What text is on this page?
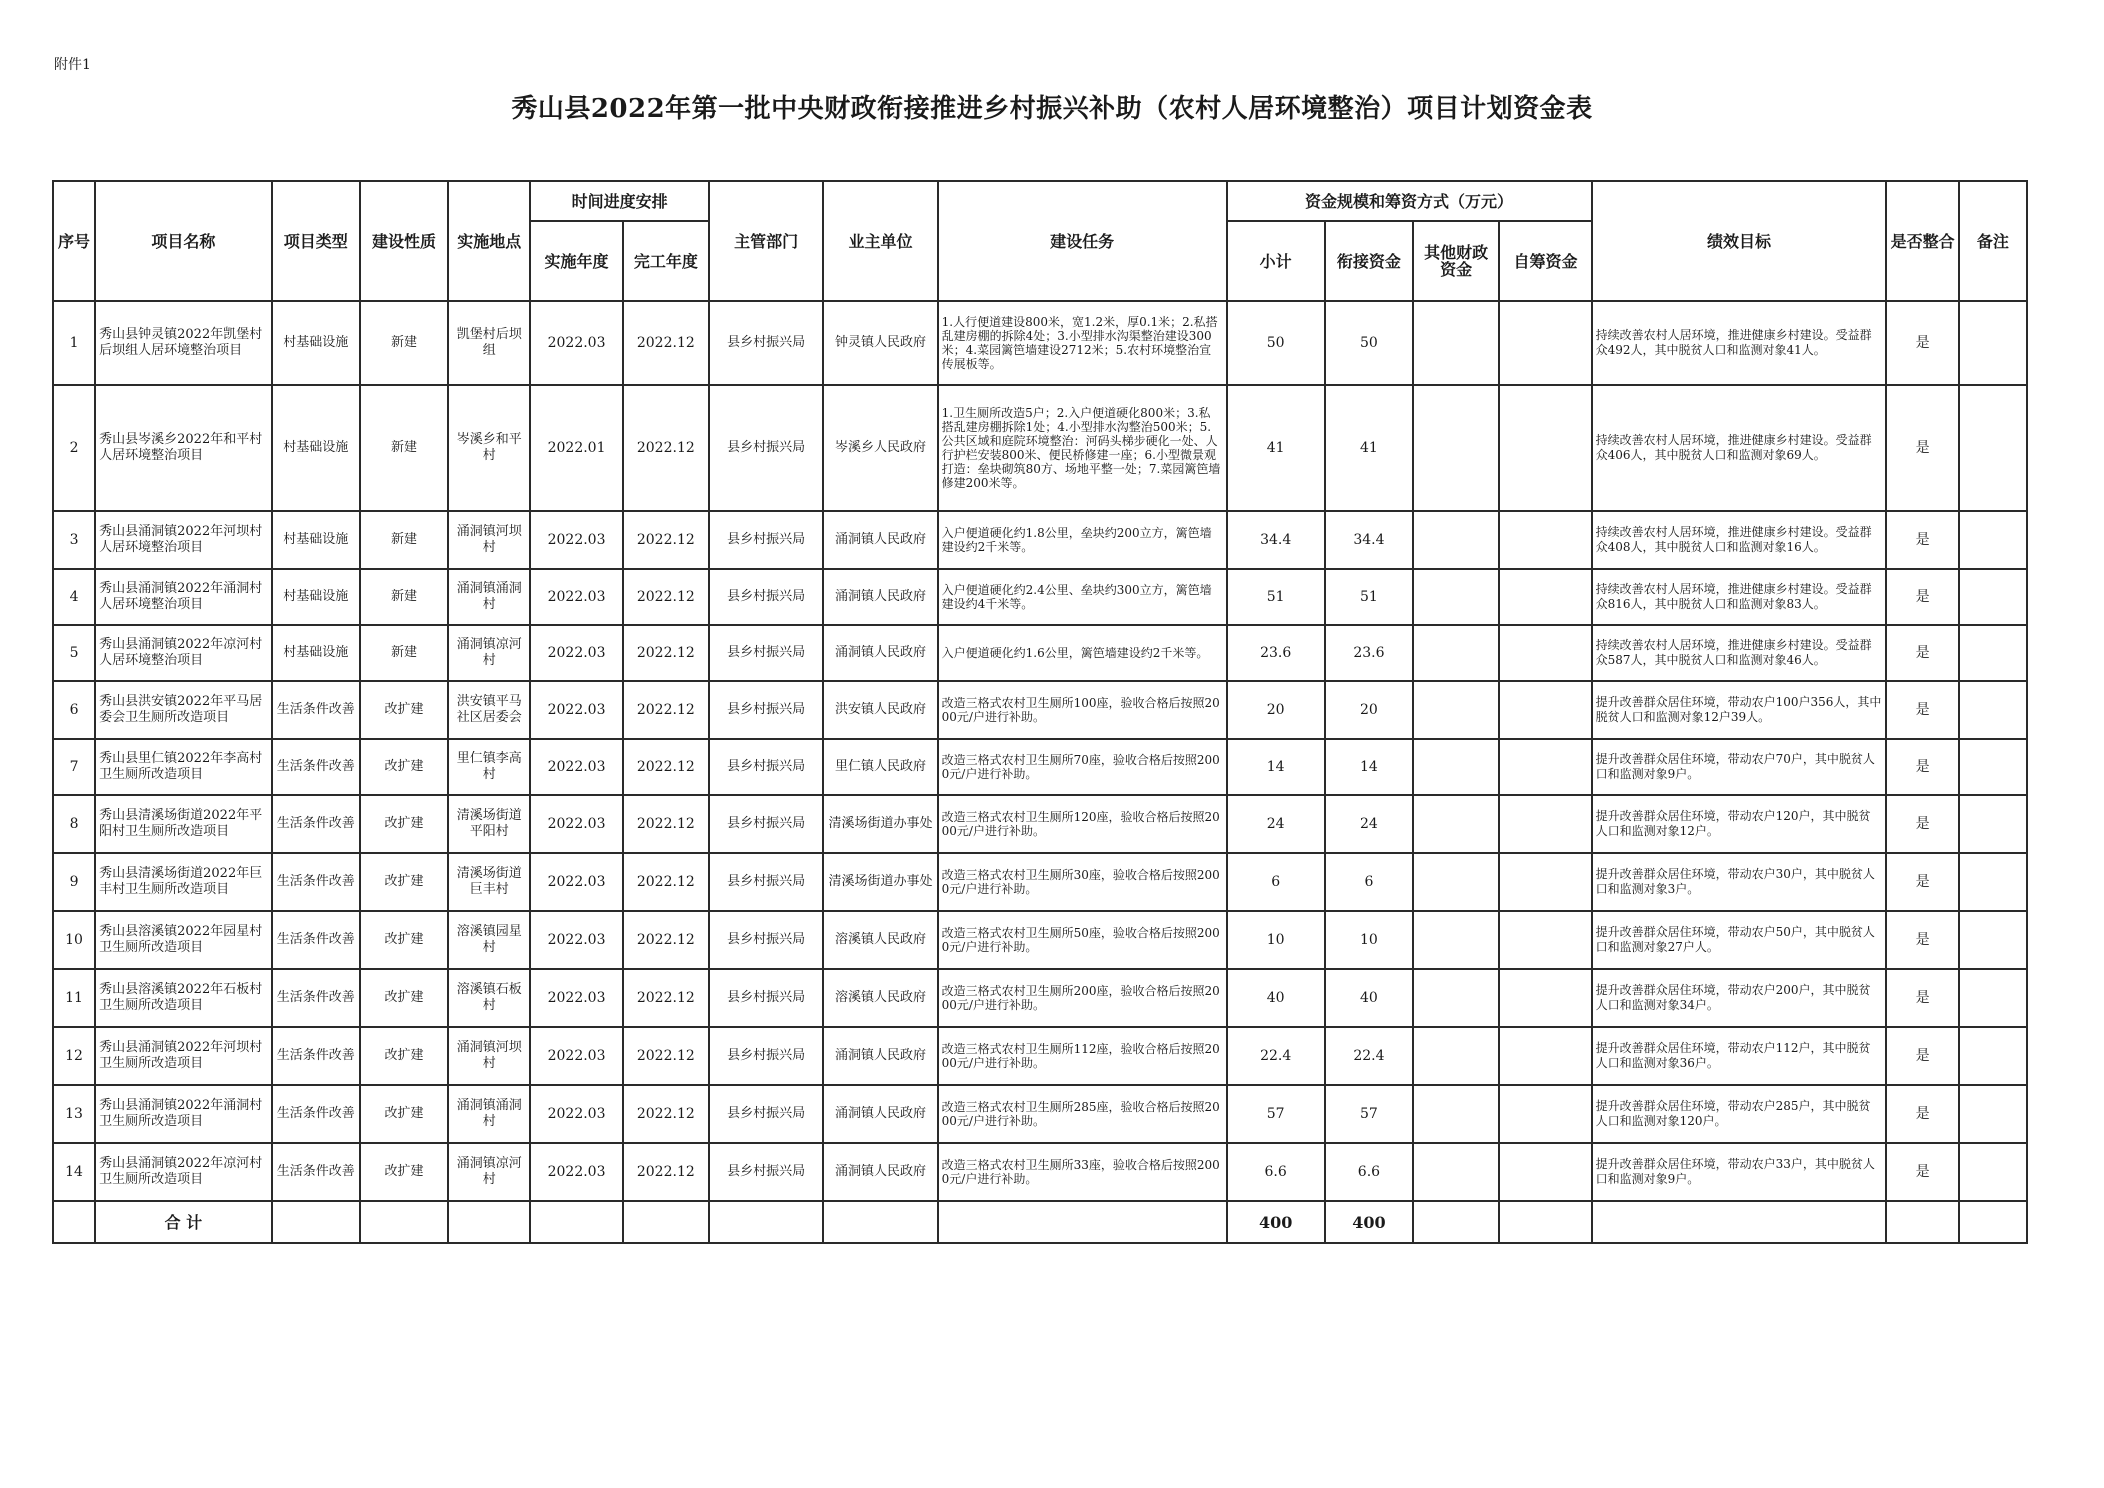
附件1
秀山县2022年第一批中央财政衔接推进乡村振兴补助（农村人居环境整治）项目计划资金表
序号	项目名称	项目类型	建设性质	实施地点	时间进度安排		主管部门	业主单位	建设任务	资金规模和筹资方式（万元）				绩效目标	是否整合	备注
					实施年度	完工年度				小计	衔接资金	其他财政资金	自筹资金			
1	秀山县钟灵镇2022年凯堡村后坝组人居环境整治项目	村基础设施	新建	凯堡村后坝组	2022.03	2022.12	县乡村振兴局	钟灵镇人民政府	1.人行便道建设800米，宽1.2米，厚0.1米；2.私搭乱建房棚的拆除4处；3.小型排水沟渠整治建设300米；4.菜园篱笆墙建设2712米；5.农村环境整治宣传展板等。	50	50			持续改善农村人居环境，推进健康乡村建设。受益群众492人，其中脱贫人口和监测对象41人。	是	
2	秀山县岑溪乡2022年和平村人居环境整治项目	村基础设施	新建	岑溪乡和平村	2022.01	2022.12	县乡村振兴局	岑溪乡人民政府	1.卫生厕所改造5户；2.入户便道硬化800米；3.私搭乱建房棚拆除1处；4.小型排水沟整治500米；5.公共区域和庭院环境整治：河码头梯步硬化一处、人行护栏安装800米、便民桥修建一座；6.小型微景观打造：垒块砌筑80方、场地平整一处；7.菜园篱笆墙修建200米等。	41	41			持续改善农村人居环境，推进健康乡村建设。受益群众406人，其中脱贫人口和监测对象69人。	是	
3	秀山县涌洞镇2022年河坝村人居环境整治项目	村基础设施	新建	涌洞镇河坝村	2022.03	2022.12	县乡村振兴局	涌洞镇人民政府	入户便道硬化约1.8公里，垒块约200立方，篱笆墙建设约2千米等。	34.4	34.4			持续改善农村人居环境，推进健康乡村建设。受益群众408人，其中脱贫人口和监测对象16人。	是	
4	秀山县涌洞镇2022年涌洞村人居环境整治项目	村基础设施	新建	涌洞镇涌洞村	2022.03	2022.12	县乡村振兴局	涌洞镇人民政府	入户便道硬化约2.4公里、垒块约300立方，篱笆墙建设约4千米等。	51	51			持续改善农村人居环境，推进健康乡村建设。受益群众816人，其中脱贫人口和监测对象83人。	是	
5	秀山县涌洞镇2022年凉河村人居环境整治项目	村基础设施	新建	涌洞镇凉河村	2022.03	2022.12	县乡村振兴局	涌洞镇人民政府	入户便道硬化约1.6公里，篱笆墙建设约2千米等。	23.6	23.6			持续改善农村人居环境，推进健康乡村建设。受益群众587人，其中脱贫人口和监测对象46人。	是	
6	秀山县洪安镇2022年平马居委会卫生厕所改造项目	生活条件改善	改扩建	洪安镇平马社区居委会	2022.03	2022.12	县乡村振兴局	洪安镇人民政府	改造三格式农村卫生厕所100座，验收合格后按照2000元/户进行补助。	20	20			提升改善群众居住环境，带动农户100户356人，其中脱贫人口和监测对象12户39人。	是	
7	秀山县里仁镇2022年李高村卫生厕所改造项目	生活条件改善	改扩建	里仁镇李高村	2022.03	2022.12	县乡村振兴局	里仁镇人民政府	改造三格式农村卫生厕所70座，验收合格后按照2000元/户进行补助。	14	14			提升改善群众居住环境，带动农户70户，其中脱贫人口和监测对象9户。	是	
8	秀山县清溪场街道2022年平阳村卫生厕所改造项目	生活条件改善	改扩建	清溪场街道平阳村	2022.03	2022.12	县乡村振兴局	清溪场街道办事处	改造三格式农村卫生厕所120座，验收合格后按照2000元/户进行补助。	24	24			提升改善群众居住环境，带动农户120户，其中脱贫人口和监测对象12户。	是	
9	秀山县清溪场街道2022年巨丰村卫生厕所改造项目	生活条件改善	改扩建	清溪场街道巨丰村	2022.03	2022.12	县乡村振兴局	清溪场街道办事处	改造三格式农村卫生厕所30座，验收合格后按照2000元/户进行补助。	6	6			提升改善群众居住环境，带动农户30户，其中脱贫人口和监测对象3户。	是	
10	秀山县溶溪镇2022年园星村卫生厕所改造项目	生活条件改善	改扩建	溶溪镇园星村	2022.03	2022.12	县乡村振兴局	溶溪镇人民政府	改造三格式农村卫生厕所50座，验收合格后按照2000元/户进行补助。	10	10			提升改善群众居住环境，带动农户50户，其中脱贫人口和监测对象27户人。	是	
11	秀山县溶溪镇2022年石板村卫生厕所改造项目	生活条件改善	改扩建	溶溪镇石板村	2022.03	2022.12	县乡村振兴局	溶溪镇人民政府	改造三格式农村卫生厕所200座，验收合格后按照2000元/户进行补助。	40	40			提升改善群众居住环境，带动农户200户，其中脱贫人口和监测对象34户。	是	
12	秀山县涌洞镇2022年河坝村卫生厕所改造项目	生活条件改善	改扩建	涌洞镇河坝村	2022.03	2022.12	县乡村振兴局	涌洞镇人民政府	改造三格式农村卫生厕所112座，验收合格后按照2000元/户进行补助。	22.4	22.4			提升改善群众居住环境，带动农户112户，其中脱贫人口和监测对象36户。	是	
13	秀山县涌洞镇2022年涌洞村卫生厕所改造项目	生活条件改善	改扩建	涌洞镇涌洞村	2022.03	2022.12	县乡村振兴局	涌洞镇人民政府	改造三格式农村卫生厕所285座，验收合格后按照2000元/户进行补助。	57	57			提升改善群众居住环境，带动农户285户，其中脱贫人口和监测对象120户。	是	
14	秀山县涌洞镇2022年凉河村卫生厕所改造项目	生活条件改善	改扩建	涌洞镇凉河村	2022.03	2022.12	县乡村振兴局	涌洞镇人民政府	改造三格式农村卫生厕所33座，验收合格后按照2000元/户进行补助。	6.6	6.6			提升改善群众居住环境，带动农户33户，其中脱贫人口和监测对象9户。	是	
	合 计									400	400					
